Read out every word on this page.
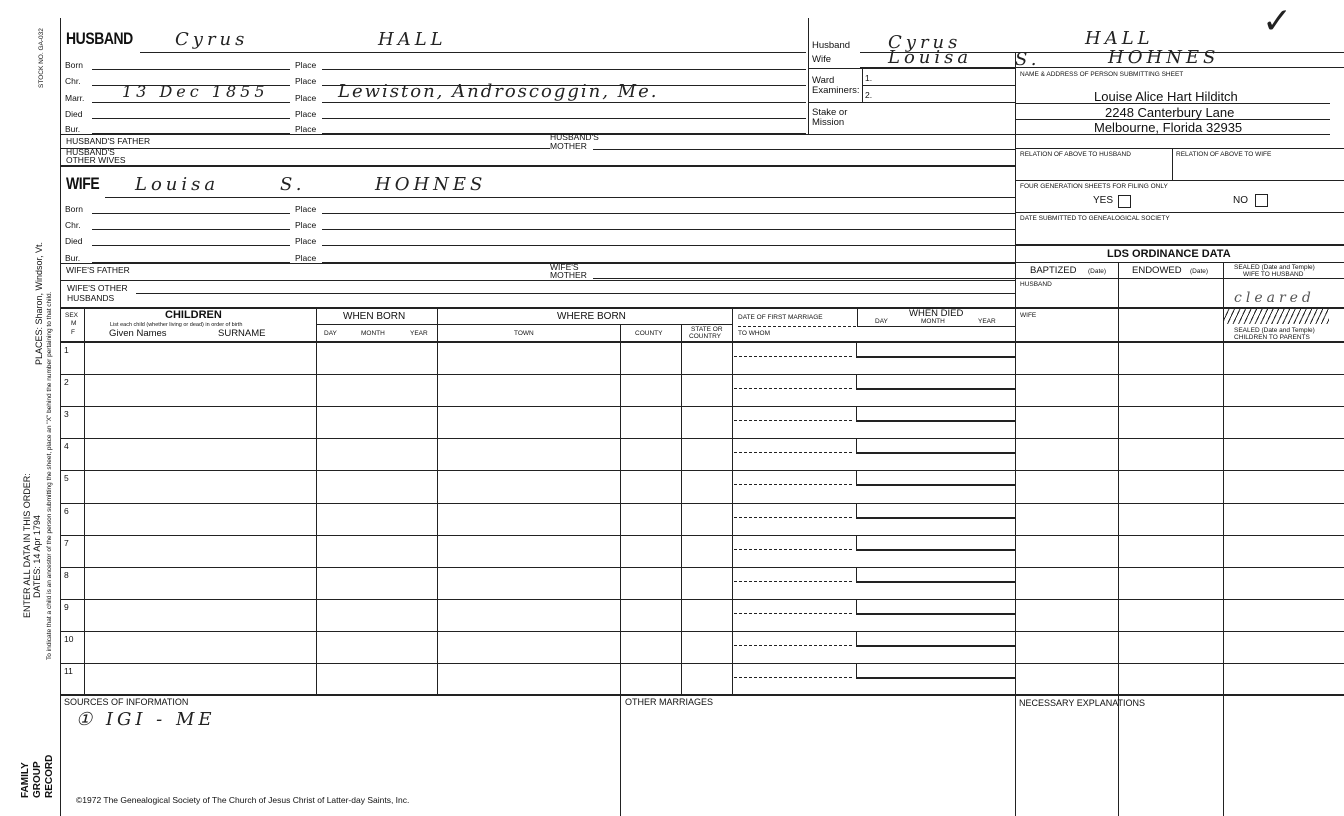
STOCK NO. GA-032
PLACES: Sharon, Windsor, Vt. To indicate that a child is an ancestor of the person submitting the sheet, place an "X" behind the number pertaining to that child.
ENTER ALL DATA IN THIS ORDER: DATES: 14 Apr 1794
FAMILY GROUP RECORD
HUSBAND Cyrus	HALL
Born	Place
Chr.	Place
Marr. 13 Dec 1855	Place Lewiston, Androscoggin, Me.
Died	Place
Bur.	Place
HUSBAND'S FATHER	HUSBAND'S
MOTHER
HUSBAND'S
OTHER WIVES
WIFE Louisa	S.	HOHNES
Born	Place
Chr.	Place
Died	Place
Bur.	Place
WIFE'S FATHER	WIFE'S
MOTHER
WIFE'S OTHER
HUSBANDS
Husband Cyrus	HALL	✓
Wife	Louisa S.	HOHNES
Ward
Examiners:
1.
2.
Stake or
Mission
NAME & ADDRESS OF PERSON SUBMITTING SHEET
Louise Alice Hart Hilditch
2248 Canterbury Lane
Melbourne, Florida 32935
RELATION OF ABOVE TO HUSBAND	RELATION OF ABOVE TO WIFE
FOUR GENERATION SHEETS FOR FILING ONLY
YES	NO
DATE SUBMITTED TO GENEALOGICAL SOCIETY
LDS ORDINANCE DATA
BAPTIZED (Date)	ENDOWED (Date)
SEALED (Date and Temple)
WIFE TO HUSBAND
HUSBAND
cleared
WIFE
SEALED (Date and Temple)
CHILDREN TO PARENTS
SEX
M
F
CHILDREN
List each child (whether living or dead) in order of birth
Given Names	SURNAME
WHEN BORN
DAY	MONTH	YEAR
WHERE BORN
TOWN	COUNTY
STATE OR
COUNTRY
DATE OF FIRST MARRIAGE
TO WHOM
WHEN DIED
DAY	MONTH	YEAR
1
2
3
4
5
6
7
8
9
10
11
SOURCES OF INFORMATION
① IGI - ME
OTHER MARRIAGES	NECESSARY EXPLANATIONS
©1972 The Genealogical Society of The Church of Jesus Christ of Latter-day Saints, Inc.
